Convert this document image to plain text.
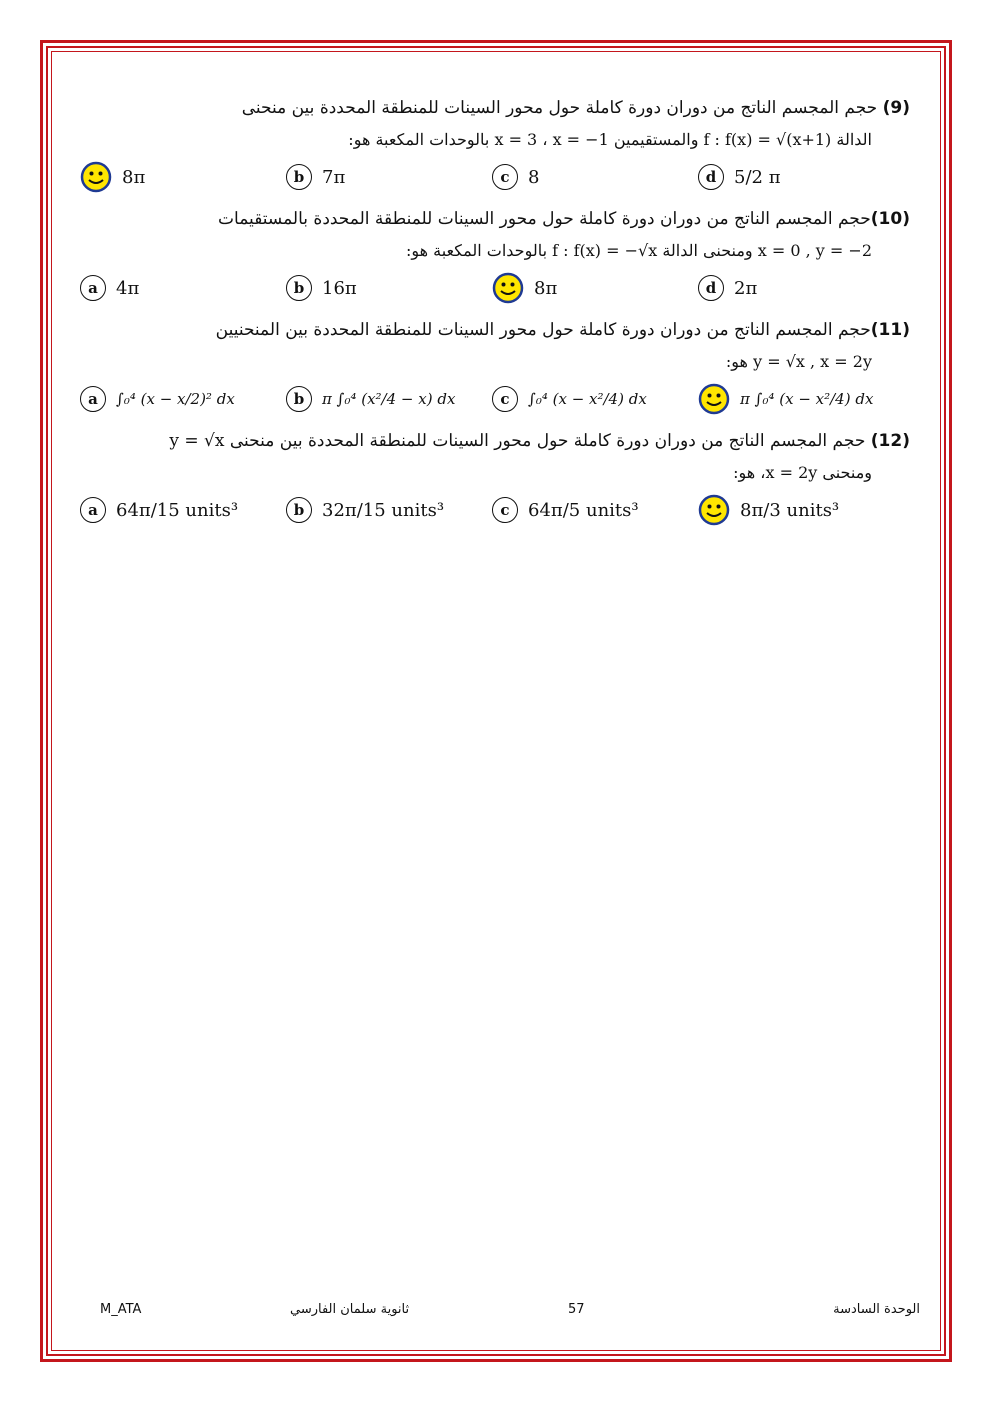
(9) حجم المجسم الناتج من دوران دورة كاملة حول محور السينات للمنطقة المحددة بين منحنى
الدالة f : f(x) = √(x+1) والمستقيمين x = 3 ، x = −1 بالوحدات المكعبة هو:
8π	b 7π	c	8	d 5/2 π
(10)حجم المجسم الناتج من دوران دورة كاملة حول محور السينات للمنطقة المحددة بالمستقيمات
x = 0 , y = −2 ومنحنى الدالة f : f(x) = −√x بالوحدات المكعبة هو:
a	4π	b 16π	8π	d 2π
(11)حجم المجسم الناتج من دوران دورة كاملة حول محور السينات للمنطقة المحددة بين المنحنيين
y = √x , x = 2y هو:
a	∫₀⁴ (x − x/2)² dx	b	π ∫₀⁴ (x²/4 − x) dx	c	∫₀⁴ (x − x²/4) dx	π ∫₀⁴ (x − x²/4) dx
(12) حجم المجسم الناتج من دوران دورة كاملة حول محور السينات للمنطقة المحددة بين منحنى y = √x
ومنحنى x = 2y، هو:
a	64π/15 units³	b 32π/15 units³	c	64π/5 units³	8π/3 units³
M_ATA	ثانوية سلمان الفارسي	57	الوحدة السادسة
